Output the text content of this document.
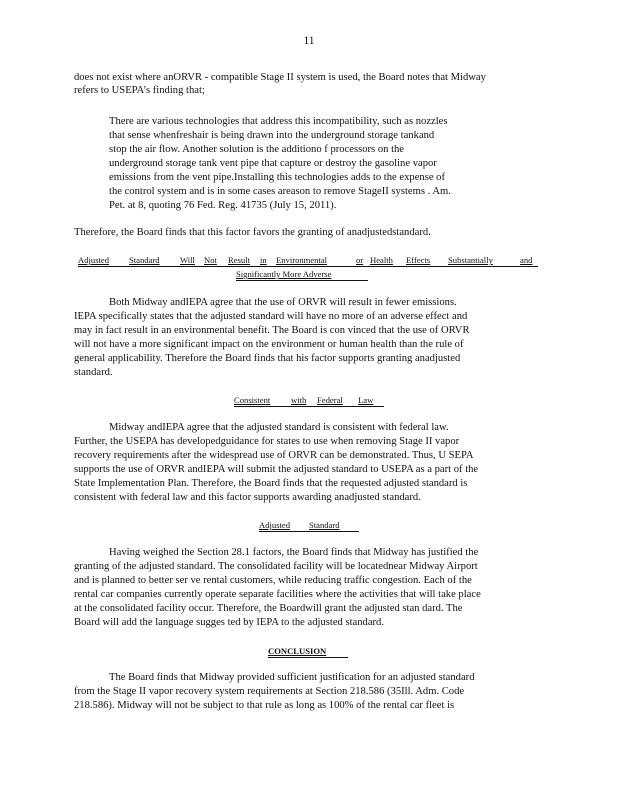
11
does not exist where anORVR - compatible Stage II system is used, the Board notes that Midway
refers to USEPA’s finding that;
There are various technologies that address this incompatibility, such as nozzles
that sense whenfreshair is being drawn into the underground storage tankand
stop the air flow. Another solution is the additiono f processors on the
underground storage tank vent pipe that capture or destroy the gasoline vapor
emissions from the vent pipe.Installing this technologies adds to the expense of
the control system and is in some cases areason to remove StageII systems . Am.
Pet. at 8, quoting 76 Fed. Reg. 41735 (July 15, 2011).
Therefore, the Board finds that this factor favors the granting of anadjustedstandard.
Adjusted Standard Will Not Result in Environmental	or Health Effects Substantially	and
Significantly More Adverse
Both Midway andIEPA agree that the use of ORVR will result in fewer emissions.
IEPA specifically states that the adjusted standard will have no more of an adverse effect and
may in fact result in an environmental benefit. The Board is con vinced that the use of ORVR
will not have a more significant impact on the environment or human health than the rule of
general applicability. Therefore the Board finds that his factor supports granting anadjusted
standard.
Consistent with Federal Law
Midway andIEPA agree that the adjusted standard is consistent with federal law.
Further, the USEPA has developedguidance for states to use when removing Stage II vapor
recovery requirements after the widespread use of ORVR can be demonstrated. Thus, U SEPA
supports the use of ORVR andIEPA will submit the adjusted standard to USEPA as a part of the
State Implementation Plan. Therefore, the Board finds that the requested adjusted standard is
consistent with federal law and this factor supports awarding anadjusted standard.
Adjusted Standard
Having weighed the Section 28.1 factors, the Board finds that Midway has justified the
granting of the adjusted standard. The consolidated facility will be locatednear Midway Airport
and is planned to better ser ve rental customers, while reducing traffic congestion. Each of the
rental car companies currently operate separate facilities where the activities that will take place
at the consolidated facility occur. Therefore, the Boardwill grant the adjusted stan dard. The
Board will add the language sugges ted by IEPA to the adjusted standard.
CONCLUSION
The Board finds that Midway provided sufficient justification for an adjusted standard
from the Stage II vapor recovery system requirements at Section 218.586 (35Ill. Adm. Code
218.586). Midway will not be subject to that rule as long as 100% of the rental car fleet is
